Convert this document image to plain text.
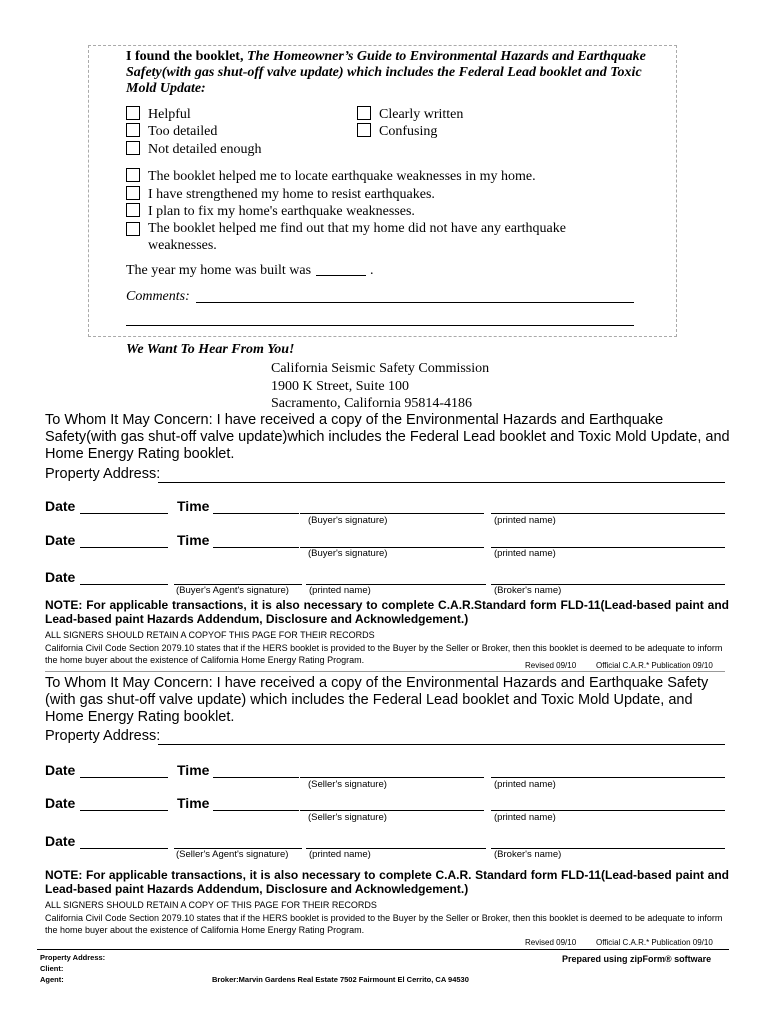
I found the booklet, The Homeowner’s Guide to Environmental Hazards and Earthquake Safety(with gas shut-off valve update) which includes the Federal Lead booklet and Toxic Mold Update:
Helpful
Too detailed
Not detailed enough
Clearly written
Confusing
The booklet helped me to locate earthquake weaknesses in my home.
I have strengthened my home to resist earthquakes.
I plan to fix my home's earthquake weaknesses.
The booklet helped me find out that my home did not have any earthquake weaknesses.
The year my home was built was	.
Comments:
We Want To Hear From You!
California Seismic Safety Commission
1900 K Street, Suite 100
Sacramento, California 95814-4186
To Whom It May Concern: I have received a copy of the Environmental Hazards and Earthquake Safety(with gas shut-off valve update)which includes the Federal Lead booklet and Toxic Mold Update, and Home Energy Rating booklet.
Property Address:
Date	Time
(Buyer's signature)	(printed name)
Date	Time
(Buyer's signature)	(printed name)
Date
(Buyer's Agent's signature) (printed name)	(Broker's name)
NOTE: For applicable transactions, it is also necessary to complete C.A.R.Standard form FLD-11(Lead-based paint and Lead-based paint Hazards Addendum, Disclosure and Acknowledgement.)
ALL SIGNERS SHOULD RETAIN A COPYOF THIS PAGE FOR THEIR RECORDS
California Civil Code Section 2079.10 states that if the HERS booklet is provided to the Buyer by the Seller or Broker, then this booklet is deemed to be adequate to inform the home buyer about the existence of California Home Energy Rating Program.
Revised 09/10 Official C.A.R.* Publication 09/10
To Whom It May Concern: I have received a copy of the Environmental Hazards and Earthquake Safety (with gas shut-off valve update) which includes the Federal Lead booklet and Toxic Mold Update, and Home Energy Rating booklet.
Property Address:
Date	Time
(Seller's signature)	(printed name)
Date	Time
(Seller's signature)	(printed name)
Date
(Seller's Agent's signature) (printed name)	(Broker's name)
NOTE: For applicable transactions, it is also necessary to complete C.A.R. Standard form FLD-11(Lead-based paint and Lead-based paint Hazards Addendum, Disclosure and Acknowledgement.)
ALL SIGNERS SHOULD RETAIN A COPY OF THIS PAGE FOR THEIR RECORDS
California Civil Code Section 2079.10 states that if the HERS booklet is provided to the Buyer by the Seller or Broker, then this booklet is deemed to be adequate to inform the home buyer about the existence of California Home Energy Rating Program.
Revised 09/10 Official C.A.R.* Publication 09/10
Property Address:
Client:
Agent:	Broker:Marvin Gardens Real Estate 7502 Fairmount El Cerrito, CA 94530
Prepared using zipForm® software
